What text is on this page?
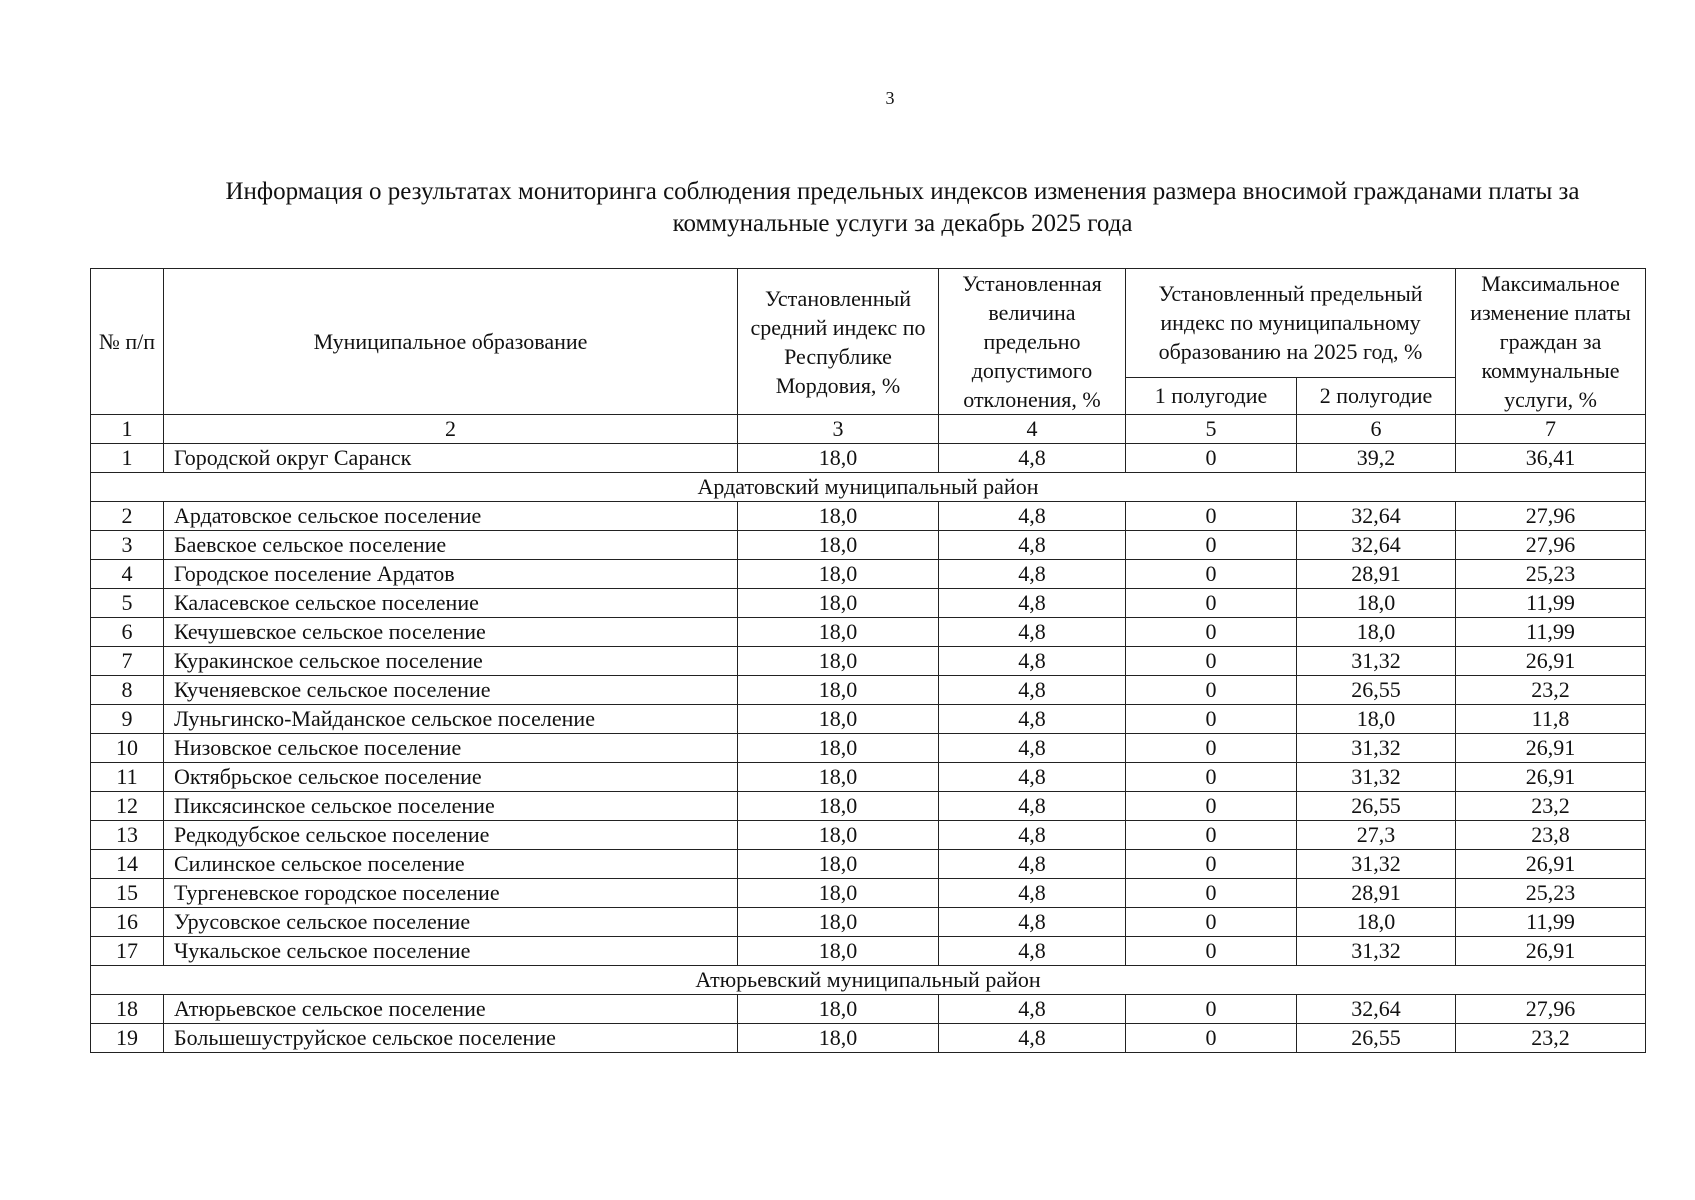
3
Информация о результатах мониторинга соблюдения предельных индексов изменения размера вносимой гражданами платы за коммунальные услуги за декабрь 2025 года
№ п/п	Муниципальное образование	Установленный средний индекс по Республике Мордовия, %	Установленная величина предельно допустимого отклонения, %	Установленный предельный индекс по муниципальному образованию на 2025 год, %		Максимальное изменение платы граждан за коммунальные услуги, %
				1 полугодие	2 полугодие	
1	2	3	4	5	6	7
1	Городской округ Саранск	18,0	4,8	0	39,2	36,41
Ардатовский муниципальный район						
2	Ардатовское сельское поселение	18,0	4,8	0	32,64	27,96
3	Баевское сельское поселение	18,0	4,8	0	32,64	27,96
4	Городское поселение Ардатов	18,0	4,8	0	28,91	25,23
5	Каласевское сельское поселение	18,0	4,8	0	18,0	11,99
6	Кечушевское сельское поселение	18,0	4,8	0	18,0	11,99
7	Куракинское сельское поселение	18,0	4,8	0	31,32	26,91
8	Кученяевское сельское поселение	18,0	4,8	0	26,55	23,2
9	Луньгинско-Майданское сельское поселение	18,0	4,8	0	18,0	11,8
10	Низовское сельское поселение	18,0	4,8	0	31,32	26,91
11	Октябрьское сельское поселение	18,0	4,8	0	31,32	26,91
12	Пиксясинское сельское поселение	18,0	4,8	0	26,55	23,2
13	Редкодубское сельское поселение	18,0	4,8	0	27,3	23,8
14	Силинское сельское поселение	18,0	4,8	0	31,32	26,91
15	Тургеневское городское поселение	18,0	4,8	0	28,91	25,23
16	Урусовское сельское поселение	18,0	4,8	0	18,0	11,99
17	Чукальское сельское поселение	18,0	4,8	0	31,32	26,91
Атюрьевский муниципальный район						
18	Атюрьевское сельское поселение	18,0	4,8	0	32,64	27,96
19	Большешуструйское сельское поселение	18,0	4,8	0	26,55	23,2
